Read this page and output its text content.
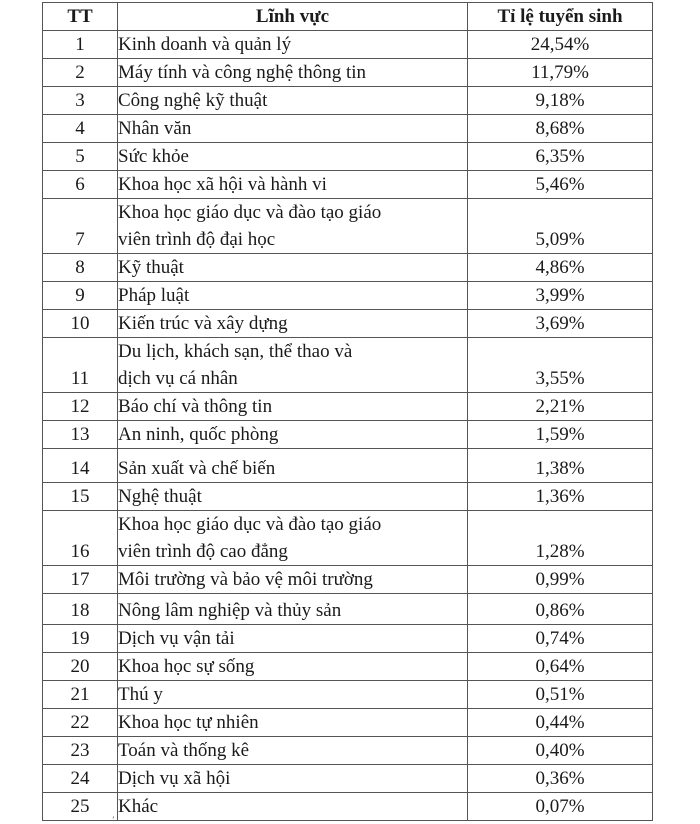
TT	Lĩnh vực	Tỉ lệ tuyển sinh
1	Kinh doanh và quản lý	24,54%
2	Máy tính và công nghệ thông tin	11,79%
3	Công nghệ kỹ thuật	9,18%
4	Nhân văn	8,68%
5	Sức khỏe	6,35%
6	Khoa học xã hội và hành vi	5,46%
7	Khoa học giáo dục và đào tạo giáo viên trình độ đại học	5,09%
8	Kỹ thuật	4,86%
9	Pháp luật	3,99%
10	Kiến trúc và xây dựng	3,69%
11	Du lịch, khách sạn, thể thao và dịch vụ cá nhân	3,55%
12	Báo chí và thông tin	2,21%
13	An ninh, quốc phòng	1,59%
14	Sản xuất và chế biến	1,38%
15	Nghệ thuật	1,36%
16	Khoa học giáo dục và đào tạo giáo viên trình độ cao đẳng	1,28%
17	Môi trường và bảo vệ môi trường	0,99%
18	Nông lâm nghiệp và thủy sản	0,86%
19	Dịch vụ vận tải	0,74%
20	Khoa học sự sống	0,64%
21	Thú y	0,51%
22	Khoa học tự nhiên	0,44%
23	Toán và thống kê	0,40%
24	Dịch vụ xã hội	0,36%
25	Khác	0,07%
’
